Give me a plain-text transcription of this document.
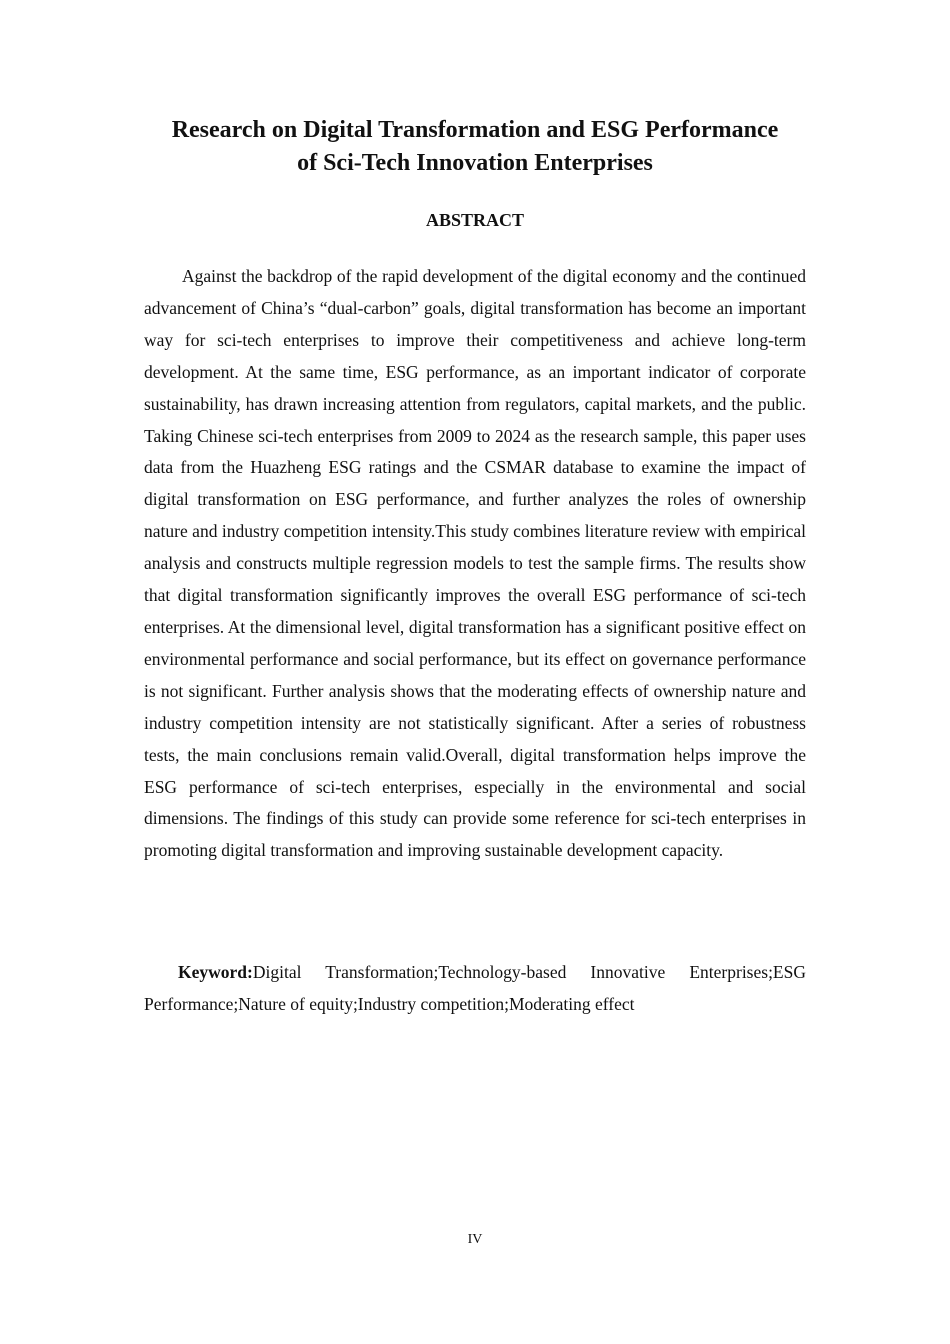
Research on Digital Transformation and ESG Performance
of Sci-Tech Innovation Enterprises
ABSTRACT

Against the backdrop of the rapid development of the digital economy and the continued advancement of China’s “dual-carbon” goals, digital transformation has become an important way for sci-tech enterprises to improve their competitiveness and achieve long-term development. At the same time, ESG performance, as an important indicator of corporate sustainability, has drawn increasing attention from regulators, capital markets, and the public. Taking Chinese sci-tech enterprises from 2009 to 2024 as the research sample, this paper uses data from the Huazheng ESG ratings and the CSMAR database to examine the impact of digital transformation on ESG performance, and further analyzes the roles of ownership nature and industry competition intensity.This study combines literature review with empirical analysis and constructs multiple regression models to test the sample firms. The results show that digital transformation significantly improves the overall ESG performance of sci-tech enterprises. At the dimensional level, digital transformation has a significant positive effect on environmental performance and social performance, but its effect on governance performance is not significant. Further analysis shows that the moderating effects of ownership nature and industry competition intensity are not statistically significant. After a series of robustness tests, the main conclusions remain valid.Overall, digital transformation helps improve the ESG performance of sci-tech enterprises, especially in the environmental and social dimensions. The findings of this study can provide some reference for sci-tech enterprises in promoting digital transformation and improving sustainable development capacity.

Keyword:Digital Transformation;Technology-based Innovative Enterprises;ESG Performance;Nature of equity;Industry competition;Moderating effect

IV
